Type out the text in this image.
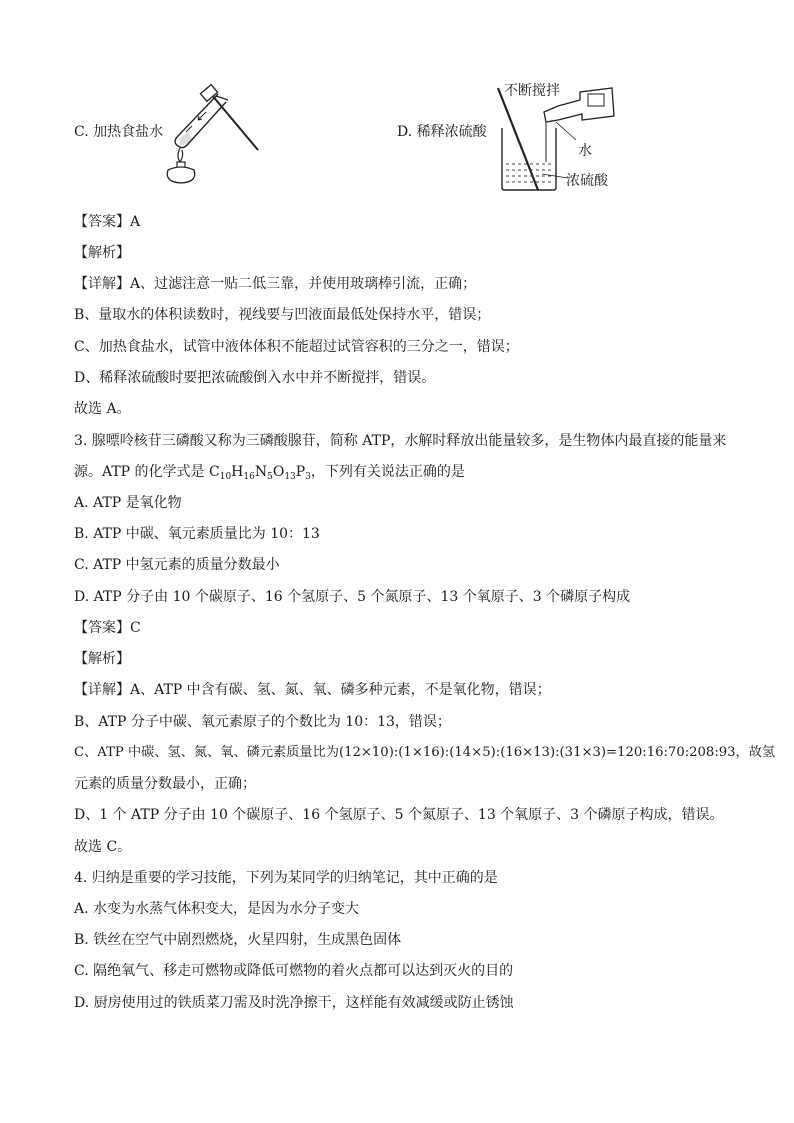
C. 加热食盐水	D. 稀释浓硫酸
不断搅拌
水
浓硫酸
【答案】A
【解析】
【详解】A、过滤注意一贴二低三靠，并使用玻璃棒引流，正确；
B、量取水的体积读数时，视线要与凹液面最低处保持水平，错误；
C、加热食盐水，试管中液体体积不能超过试管容积的三分之一，错误；
D、稀释浓硫酸时要把浓硫酸倒入水中并不断搅拌，错误。
故选 A。
3. 腺嘌呤核苷三磷酸又称为三磷酸腺苷，简称 ATP，水解时释放出能量较多，是生物体内最直接的能量来
源。ATP 的化学式是 $C_{10}H_{16}N_5O_{13}P_3$，下列有关说法正确的是
A. ATP 是氧化物
B. ATP 中碳、氧元素质量比为 10：13
C. ATP 中氢元素的质量分数最小
D. ATP 分子由 10 个碳原子、16 个氢原子、5 个氮原子、13 个氧原子、3 个磷原子构成
【答案】C
【解析】
【详解】A、ATP 中含有碳、氢、氮、氧、磷多种元素，不是氧化物，错误；
B、ATP 分子中碳、氧元素原子的个数比为 10：13，错误；
C、ATP 中碳、氢、氮、氧、磷元素质量比为(12×10):(1×16):(14×5):(16×13):(31×3)=120:16:70:208:93，故氢
元素的质量分数最小，正确；
D、1 个 ATP 分子由 10 个碳原子、16 个氢原子、5 个氮原子、13 个氧原子、3 个磷原子构成，错误。
故选 C。
4. 归纳是重要的学习技能，下列为某同学的归纳笔记，其中正确的是
A. 水变为水蒸气体积变大，是因为水分子变大
B. 铁丝在空气中剧烈燃烧，火星四射，生成黑色固体
C. 隔绝氧气、移走可燃物或降低可燃物的着火点都可以达到灭火的目的
D. 厨房使用过的铁质菜刀需及时洗净擦干，这样能有效减缓或防止锈蚀
